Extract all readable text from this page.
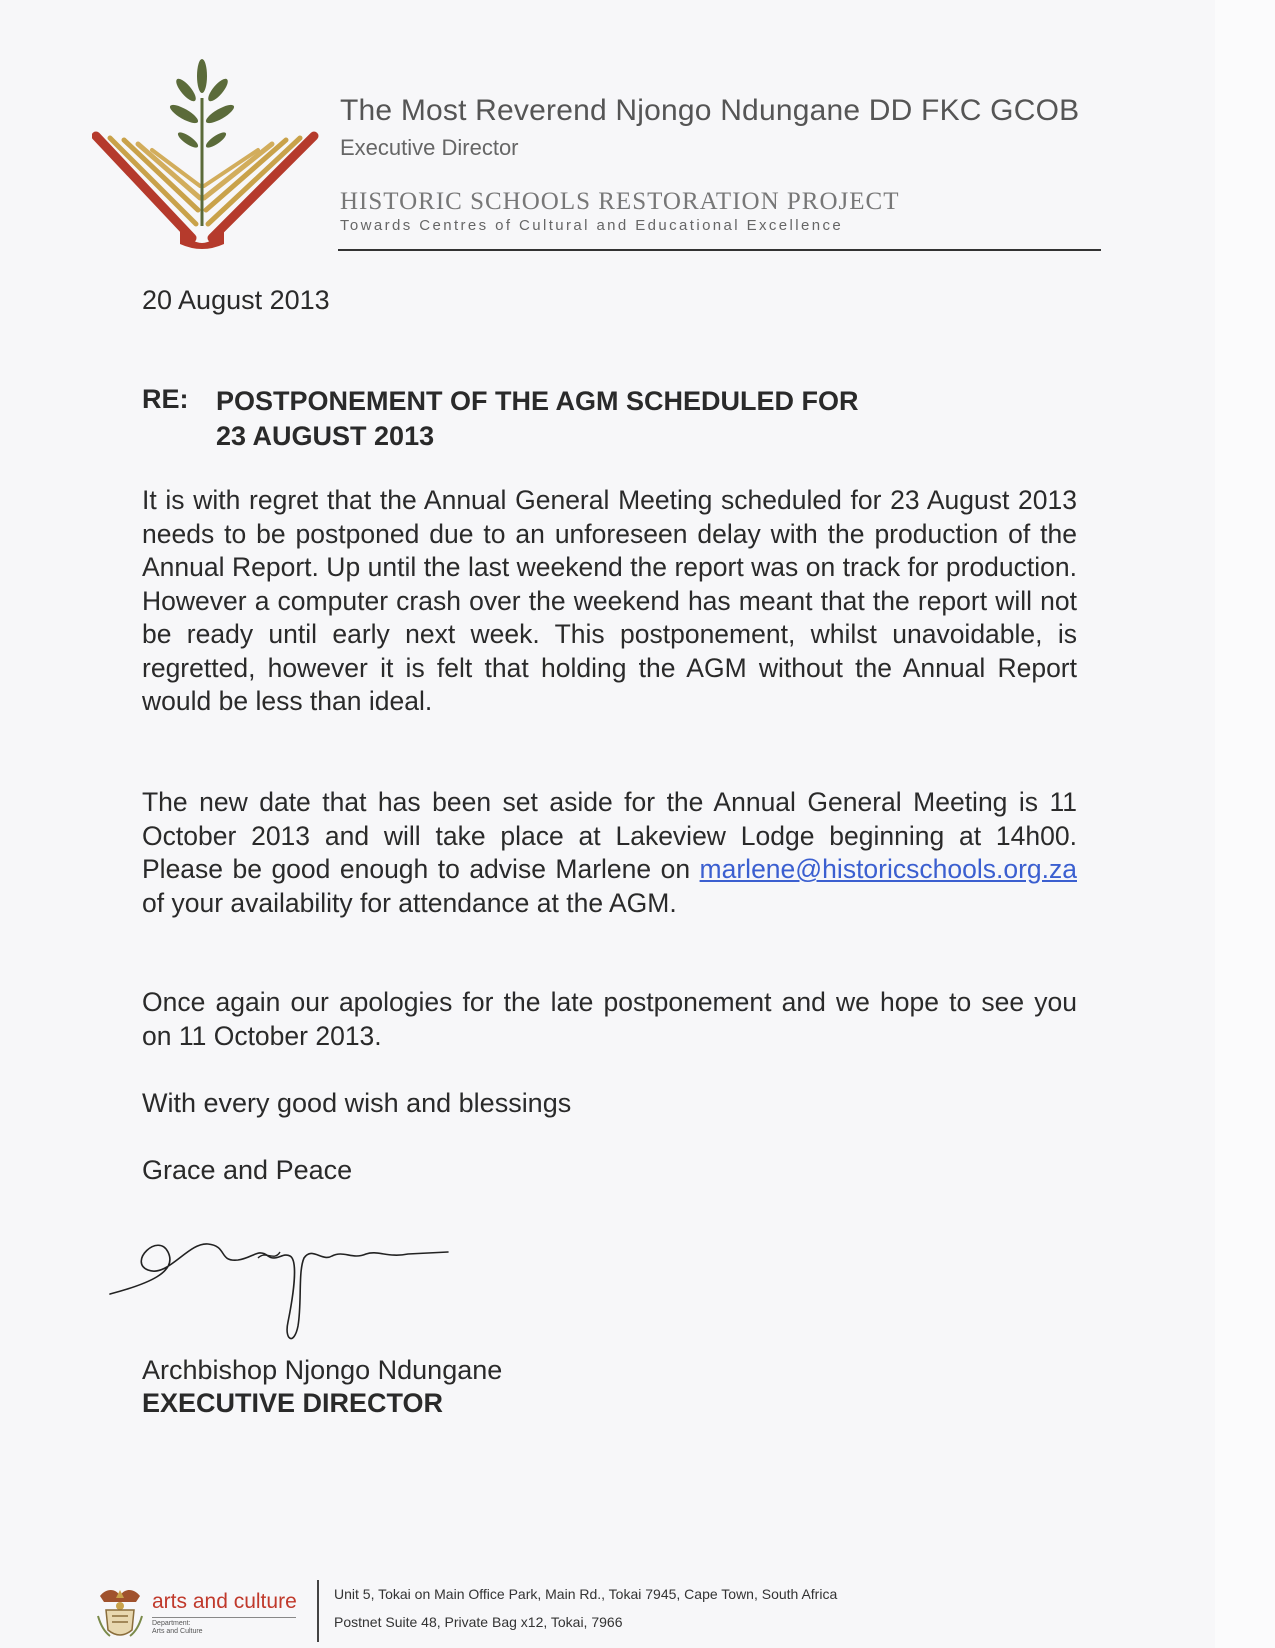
The Most Reverend Njongo Ndungane DD FKC GCOB
Executive Director
HISTORIC SCHOOLS RESTORATION PROJECT
Towards Centres of Cultural and Educational Excellence
20 August 2013
RE: POSTPONEMENT OF THE AGM SCHEDULED FOR
23 AUGUST 2013
It is with regret that the Annual General Meeting scheduled for 23 August 2013 needs to be postponed due to an unforeseen delay with the production of the Annual Report. Up until the last weekend the report was on track for production. However a computer crash over the weekend has meant that the report will not be ready until early next week. This postponement, whilst unavoidable, is regretted, however it is felt that holding the AGM without the Annual Report would be less than ideal.
The new date that has been set aside for the Annual General Meeting is 11 October 2013 and will take place at Lakeview Lodge beginning at 14h00. Please be good enough to advise Marlene on marlene@historicschools.org.za of your availability for attendance at the AGM.
Once again our apologies for the late postponement and we hope to see you on 11 October 2013.
With every good wish and blessings
Grace and Peace
Archbishop Njongo Ndungane
EXECUTIVE DIRECTOR
arts and culture
Department:
Arts and Culture
Unit 5, Tokai on Main Office Park, Main Rd., Tokai 7945, Cape Town, South Africa
Postnet Suite 48, Private Bag x12, Tokai, 7966
